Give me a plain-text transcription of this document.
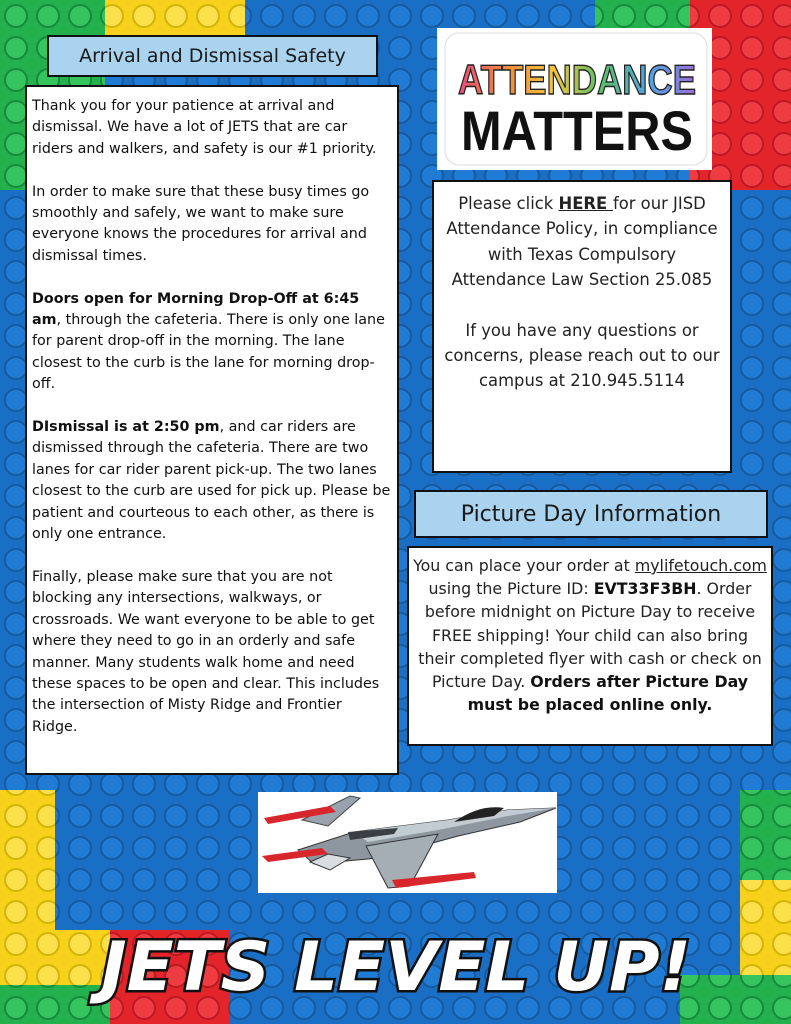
Arrival and Dismissal Safety

Thank you for your patience at arrival and dismissal. We have a lot of JETS that are car riders and walkers, and safety is our #1 priority.

In order to make sure that these busy times go smoothly and safely, we want to make sure everyone knows the procedures for arrival and dismissal times.

Doors open for Morning Drop-Off at 6:45 am, through the cafeteria. There is only one lane for parent drop-off in the morning. The lane closest to the curb is the lane for morning drop-off.

DIsmissal is at 2:50 pm, and car riders are dismissed through the cafeteria. There are two lanes for car rider parent pick-up. The two lanes closest to the curb are used for pick up. Please be patient and courteous to each other, as there is only one entrance.

Finally, please make sure that you are not blocking any intersections, walkways, or crossroads. We want everyone to be able to get where they need to go in an orderly and safe manner. Many students walk home and need these spaces to be open and clear. This includes the intersection of Misty Ridge and Frontier Ridge.

ATTENDANCE
MATTERS

Please click HERE for our JISD Attendance Policy, in compliance with Texas Compulsory Attendance Law Section 25.085

If you have any questions or concerns, please reach out to our campus at 210.945.5114

Picture Day Information
You can place your order at mylifetouch.com using the Picture ID: EVT33F3BH. Order before midnight on Picture Day to receive FREE shipping! Your child can also bring their completed flyer with cash or check on Picture Day. Orders after Picture Day must be placed online only.
JETS LEVEL UP!
